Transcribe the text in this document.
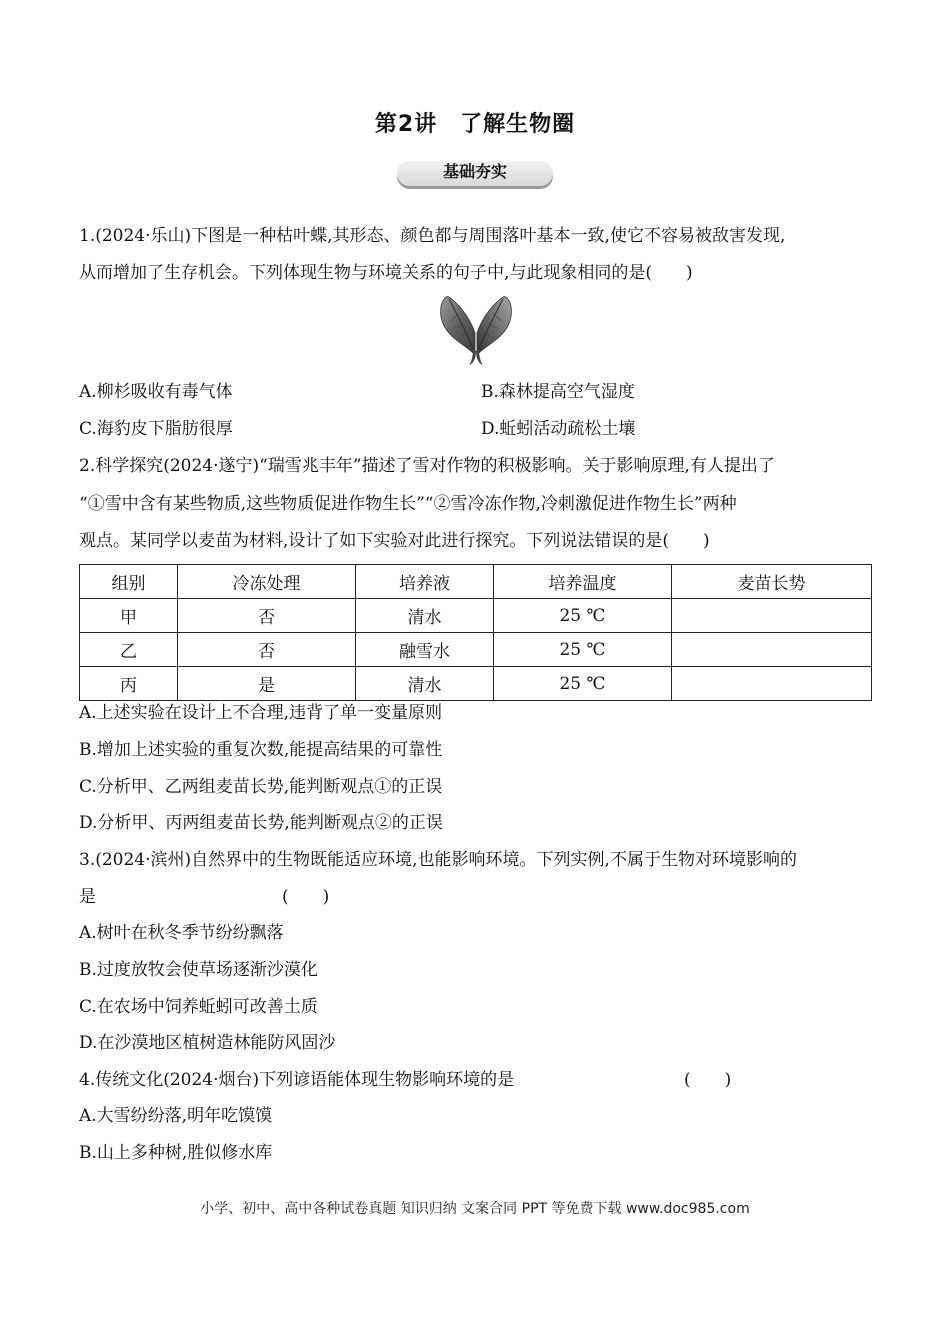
第2讲　了解生物圈
基础夯实
1.(2024·乐山)下图是一种枯叶蝶,其形态、颜色都与周围落叶基本一致,使它不容易被敌害发现,
从而增加了生存机会。下列体现生物与环境关系的句子中,与此现象相同的是(　　)
A.柳杉吸收有毒气体	B.森林提高空气湿度
C.海豹皮下脂肪很厚	D.蚯蚓活动疏松土壤
2.科学探究(2024·遂宁)“瑞雪兆丰年”描述了雪对作物的积极影响。关于影响原理,有人提出了
“①雪中含有某些物质,这些物质促进作物生长”“②雪冷冻作物,冷刺激促进作物生长”两种
观点。某同学以麦苗为材料,设计了如下实验对此进行探究。下列说法错误的是(　　)
组别	冷冻处理	培养液	培养温度	麦苗长势
甲	否	清水	25 ℃	
乙	否	融雪水	25 ℃	
丙	是	清水	25 ℃	
A.上述实验在设计上不合理,违背了单一变量原则
B.增加上述实验的重复次数,能提高结果的可靠性
C.分析甲、乙两组麦苗长势,能判断观点①的正误
D.分析甲、丙两组麦苗长势,能判断观点②的正误
3.(2024·滨州)自然界中的生物既能适应环境,也能影响环境。下列实例,不属于生物对环境影响的
是	(　　)
A.树叶在秋冬季节纷纷飘落
B.过度放牧会使草场逐渐沙漠化
C.在农场中饲养蚯蚓可改善土质
D.在沙漠地区植树造林能防风固沙
4.传统文化(2024·烟台)下列谚语能体现生物影响环境的是	(　　)
A.大雪纷纷落,明年吃馍馍
B.山上多种树,胜似修水库
小学、初中、高中各种试卷真题 知识归纳 文案合同 PPT 等免费下载 www.doc985.com
